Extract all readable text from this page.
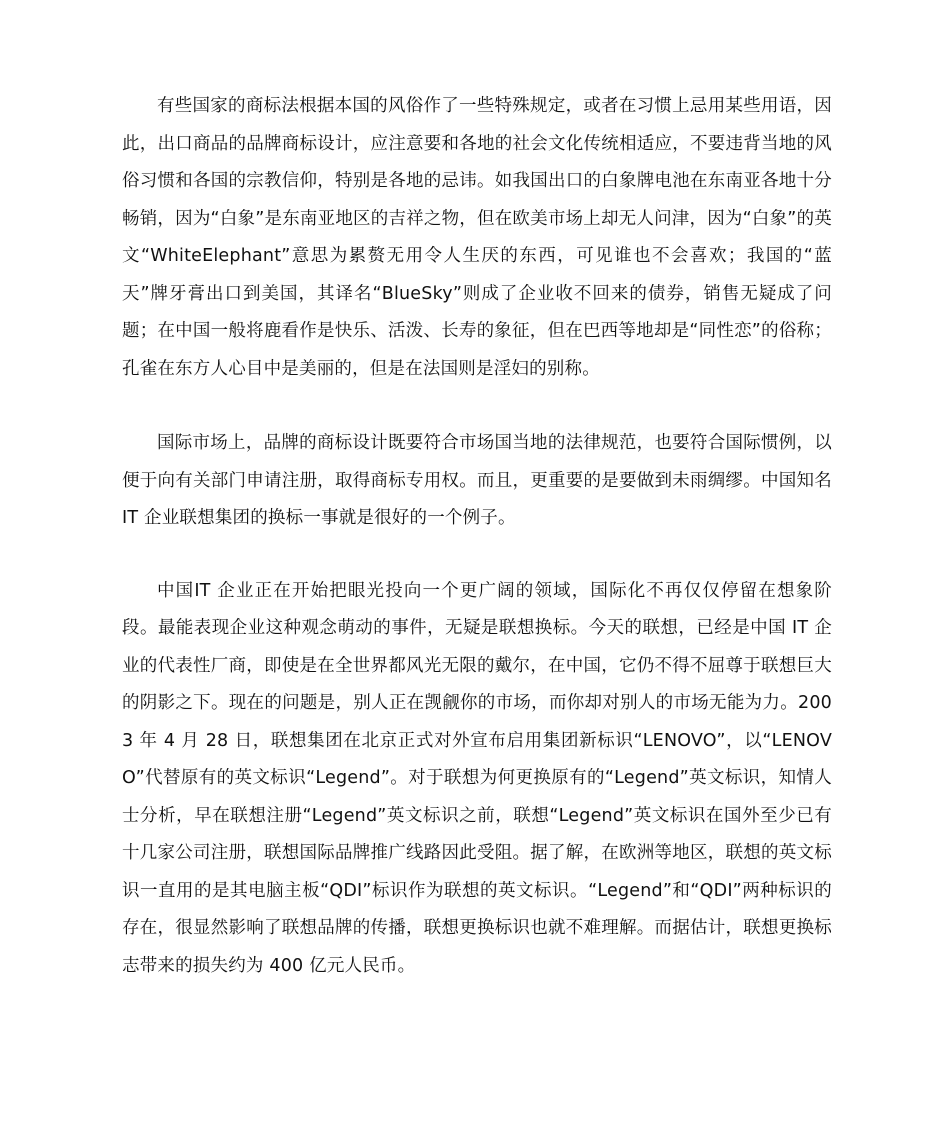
有些国家的商标法根据本国的风俗作了一些特殊规定，或者在习惯上忌用某些用语，因此，出口商品的品牌商标设计，应注意要和各地的社会文化传统相适应，不要违背当地的风俗习惯和各国的宗教信仰，特别是各地的忌讳。如我国出口的白象牌电池在东南亚各地十分畅销，因为“白象”是东南亚地区的吉祥之物，但在欧美市场上却无人问津，因为“白象”的英文“WhiteElephant”意思为累赘无用令人生厌的东西，可见谁也不会喜欢；我国的“蓝天”牌牙膏出口到美国，其译名“BlueSky”则成了企业收不回来的债券，销售无疑成了问题；在中国一般将鹿看作是快乐、活泼、长寿的象征，但在巴西等地却是“同性恋”的俗称；孔雀在东方人心目中是美丽的，但是在法国则是淫妇的别称。

国际市场上，品牌的商标设计既要符合市场国当地的法律规范，也要符合国际惯例，以便于向有关部门申请注册，取得商标专用权。而且，更重要的是要做到未雨绸缪。中国知名 IT 企业联想集团的换标一事就是很好的一个例子。

中国IT 企业正在开始把眼光投向一个更广阔的领域，国际化不再仅仅停留在想象阶段。最能表现企业这种观念萌动的事件，无疑是联想换标。今天的联想，已经是中国 IT 企业的代表性厂商，即使是在全世界都风光无限的戴尔，在中国，它仍不得不屈尊于联想巨大的阴影之下。现在的问题是，别人正在觊觎你的市场，而你却对别人的市场无能为力。2003 年 4 月 28 日，联想集团在北京正式对外宣布启用集团新标识“LENOVO”，以“LENOVO”代替原有的英文标识“Legend”。对于联想为何更换原有的“Legend”英文标识，知情人士分析，早在联想注册“Legend”英文标识之前，联想“Legend”英文标识在国外至少已有十几家公司注册，联想国际品牌推广线路因此受阻。据了解，在欧洲等地区，联想的英文标识一直用的是其电脑主板“QDI”标识作为联想的英文标识。“Legend”和“QDI”两种标识的存在，很显然影响了联想品牌的传播，联想更换标识也就不难理解。而据估计，联想更换标志带来的损失约为 400 亿元人民币。
